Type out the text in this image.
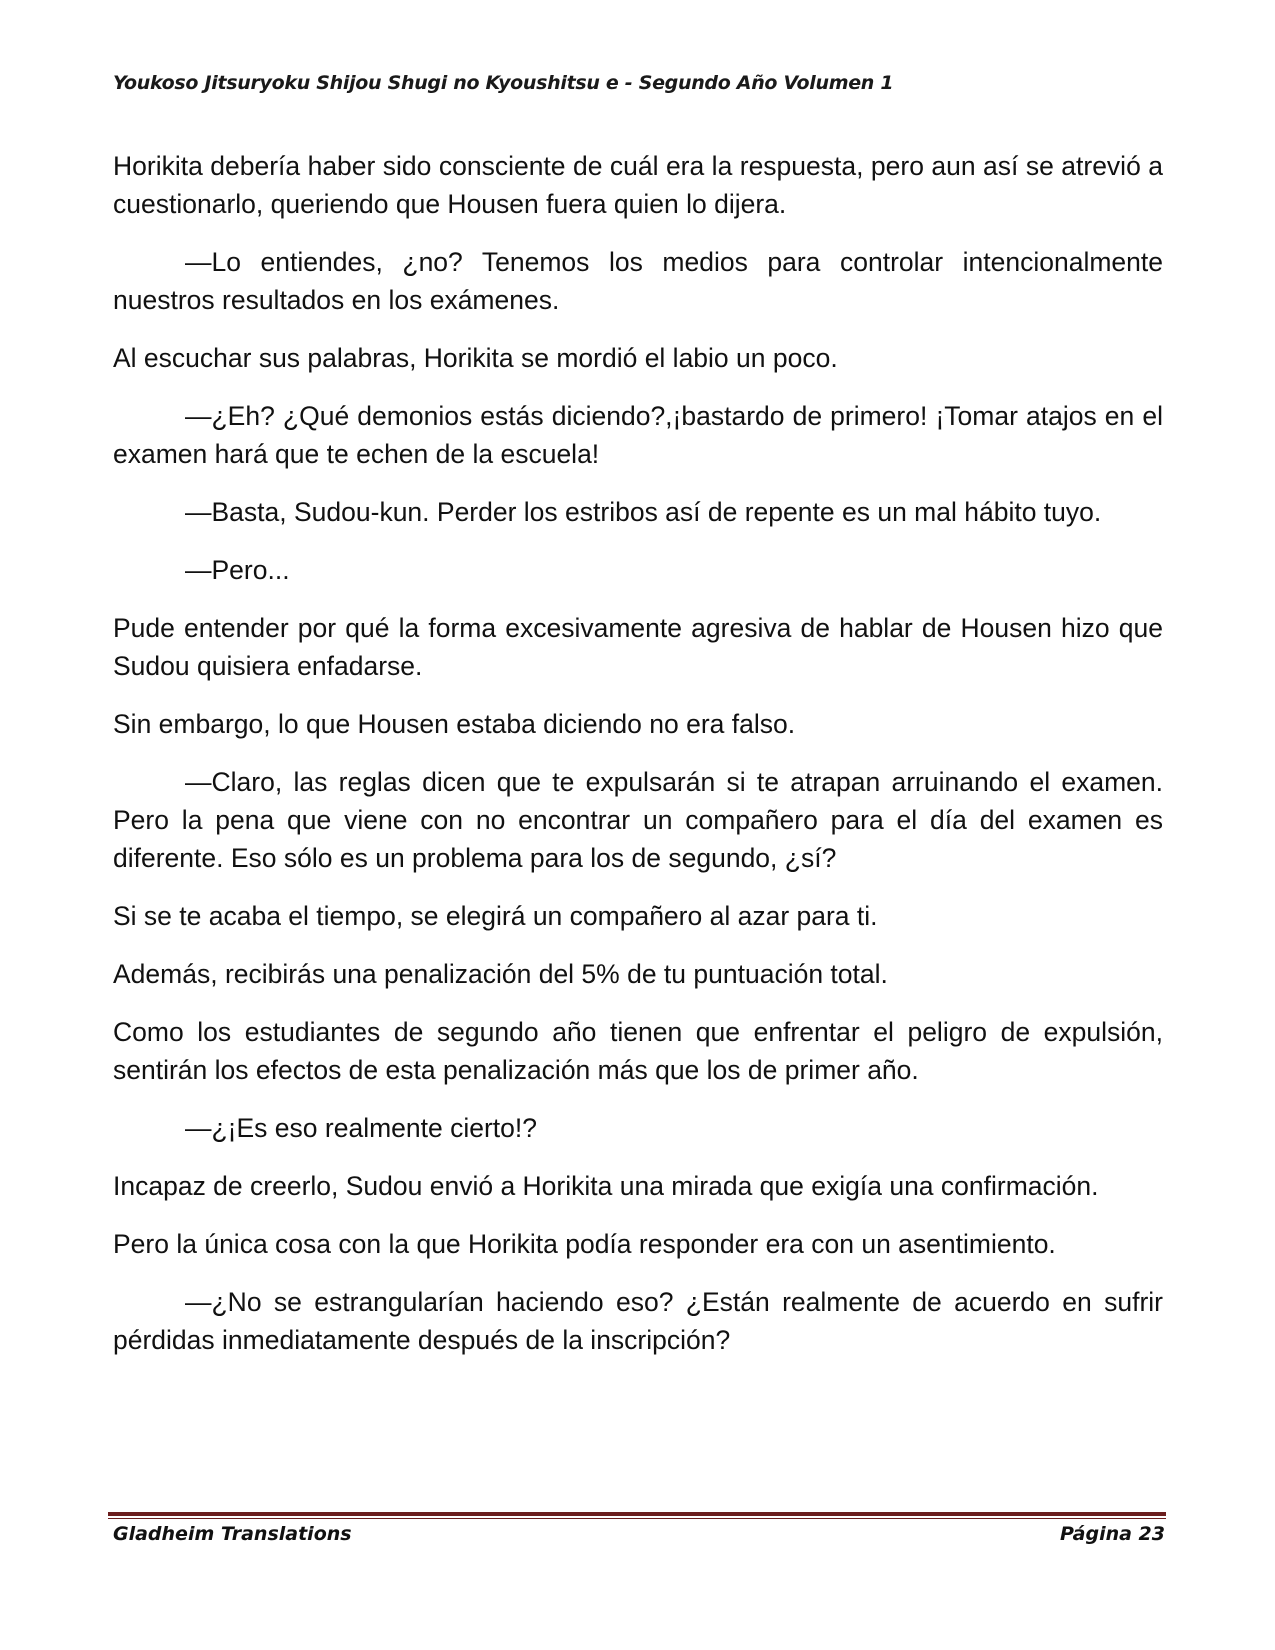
Youkoso Jitsuryoku Shijou Shugi no Kyoushitsu e - Segundo Año Volumen 1

Horikita debería haber sido consciente de cuál era la respuesta, pero aun así se atrevió a cuestionarlo, queriendo que Housen fuera quien lo dijera.

—Lo entiendes, ¿no? Tenemos los medios para controlar intencionalmente nuestros resultados en los exámenes.

Al escuchar sus palabras, Horikita se mordió el labio un poco.

—¿Eh? ¿Qué demonios estás diciendo?,¡bastardo de primero! ¡Tomar atajos en el examen hará que te echen de la escuela!

—Basta, Sudou-kun. Perder los estribos así de repente es un mal hábito tuyo.

—Pero...

Pude entender por qué la forma excesivamente agresiva de hablar de Housen hizo que Sudou quisiera enfadarse.

Sin embargo, lo que Housen estaba diciendo no era falso.

—Claro, las reglas dicen que te expulsarán si te atrapan arruinando el examen. Pero la pena que viene con no encontrar un compañero para el día del examen es diferente. Eso sólo es un problema para los de segundo, ¿sí?

Si se te acaba el tiempo, se elegirá un compañero al azar para ti.

Además, recibirás una penalización del 5% de tu puntuación total.

Como los estudiantes de segundo año tienen que enfrentar el peligro de expulsión, sentirán los efectos de esta penalización más que los de primer año.

—¿¡Es eso realmente cierto!?

Incapaz de creerlo, Sudou envió a Horikita una mirada que exigía una confirmación.

Pero la única cosa con la que Horikita podía responder era con un asentimiento.

—¿No se estrangularían haciendo eso? ¿Están realmente de acuerdo en sufrir pérdidas inmediatamente después de la inscripción?

Gladheim Translations	Página 23
